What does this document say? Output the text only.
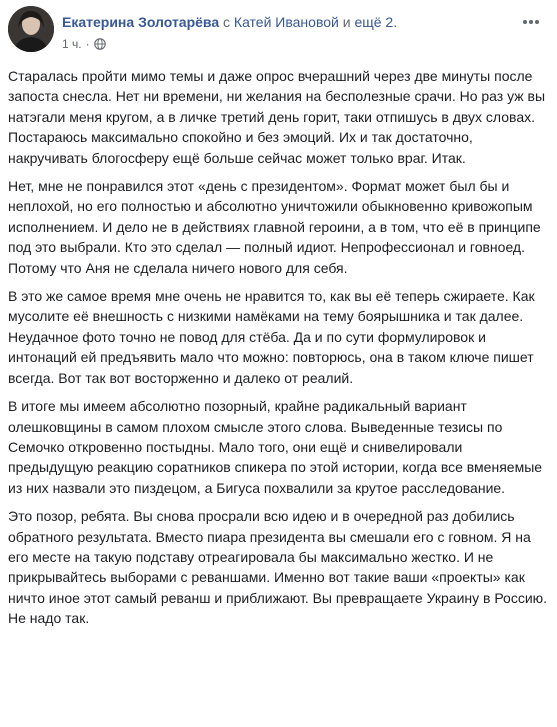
Екатерина Золотарёва с Катей Ивановой и ещё 2.
1 ч. ·

Старалась пройти мимо темы и даже опрос вчерашний через две минуты после запоста снесла. Нет ни времени, ни желания на бесполезные срачи. Но раз уж вы натэгали меня кругом, а в личке третий день горит, таки отпишусь в двух словах. Постараюсь максимально спокойно и без эмоций. Их и так достаточно, накручивать блогосферу ещё больше сейчас может только враг. Итак.

Нет, мне не понравился этот «день с президентом». Формат может был бы и неплохой, но его полностью и абсолютно уничтожили обыкновенно кривожопым исполнением. И дело не в действиях главной героини, а в том, что её в принципе под это выбрали. Кто это сделал — полный идиот. Непрофессионал и говноед. Потому что Аня не сделала ничего нового для себя.

В это же самое время мне очень не нравится то, как вы её теперь сжираете. Как мусолите её внешность с низкими намёками на тему боярышника и так далее. Неудачное фото точно не повод для стёба. Да и по сути формулировок и интонаций ей предъявить мало что можно: повторюсь, она в таком ключе пишет всегда. Вот так вот восторженно и далеко от реалий.

В итоге мы имеем абсолютно позорный, крайне радикальный вариант олешковщины в самом плохом смысле этого слова. Выведенные тезисы по Семочко откровенно постыдны. Мало того, они ещё и снивелировали предыдущую реакцию соратников спикера по этой истории, когда все вменяемые из них назвали это пиздецом, а Бигуса похвалили за крутое расследование.

Это позор, ребята. Вы снова просрали всю идею и в очередной раз добились обратного результата. Вместо пиара президента вы смешали его с говном. Я на его месте на такую подставу отреагировала бы максимально жестко. И не прикрывайтесь выборами с реваншами. Именно вот такие ваши «проекты» как ничто иное этот самый реванш и приближают. Вы превращаете Украину в Россию. Не надо так.
